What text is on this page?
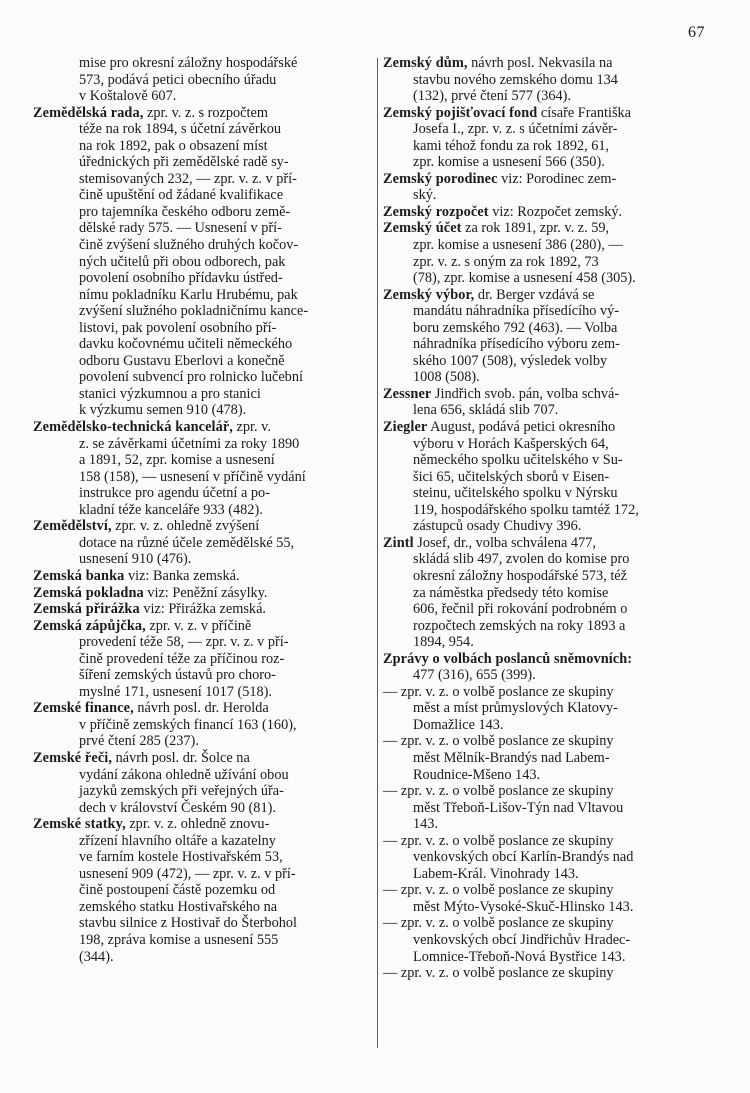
67
mise pro okresní záložny hospodářské
573, podává petici obecního úřadu
v Koštalově 607.
Zemědělská rada, zpr. v. z. s rozpočtem
téže na rok 1894, s účetní závěrkou
na rok 1892, pak o obsazení míst
úřednických při zemědělské radě sy-
stemisovaných 232, — zpr. v. z. v pří-
čině upuštění od žádané kvalifikace
pro tajemníka českého odboru země-
dělské rady 575. — Usnesení v pří-
čině zvýšení služného druhých kočov-
ných učitelů při obou odborech, pak
povolení osobního přídavku ústřed-
nímu pokladníku Karlu Hrubému, pak
zvýšení služného pokladničnímu kance-
listovi, pak povolení osobního pří-
davku kočovnému učiteli německého
odboru Gustavu Eberlovi a konečně
povolení subvencí pro rolnicko lučební
stanici výzkumnou a pro stanici
k výzkumu semen 910 (478).
Zemědělsko-technická kancelář, zpr. v.
z. se závěrkami účetními za roky 1890
a 1891, 52, zpr. komise a usnesení
158 (158), — usnesení v příčině vydání
instrukce pro agendu účetní a po-
kladní téže kanceláře 933 (482).
Zemědělství, zpr. v. z. ohledně zvýšení
dotace na různé účele zemědělské 55,
usnesení 910 (476).
Zemská banka viz: Banka zemská.
Zemská pokladna viz: Peněžní zásylky.
Zemská přirážka viz: Přirážka zemská.
Zemská zápůjčka, zpr. v. z. v příčině
provedení téže 58, — zpr. v. z. v pří-
čině provedení téže za příčinou roz-
šíření zemských ústavů pro choro-
myslné 171, usnesení 1017 (518).
Zemské finance, návrh posl. dr. Herolda
v příčině zemských financí 163 (160),
prvé čtení 285 (237).
Zemské řeči, návrh posl. dr. Šolce na
vydání zákona ohledně užívání obou
jazyků zemských při veřejných úřa-
dech v království Českém 90 (81).
Zemské statky, zpr. v. z. ohledně znovu-
zřízení hlavního oltáře a kazatelny
ve farním kostele Hostivařském 53,
usnesení 909 (472), — zpr. v. z. v pří-
čině postoupení částě pozemku od
zemského statku Hostivařského na
stavbu silnice z Hostivař do Šterbohol
198, zpráva komise a usnesení 555
(344).
Zemský dům, návrh posl. Nekvasila na
stavbu nového zemského domu 134
(132), prvé čtení 577 (364).
Zemský pojišťovací fond císaře Františka
Josefa I., zpr. v. z. s účetními závěr-
kami téhož fondu za rok 1892, 61,
zpr. komise a usnesení 566 (350).
Zemský porodinec viz: Porodinec zem-
ský.
Zemský rozpočet viz: Rozpočet zemský.
Zemský účet za rok 1891, zpr. v. z. 59,
zpr. komise a usnesení 386 (280), —
zpr. v. z. s oným za rok 1892, 73
(78), zpr. komise a usnesení 458 (305).
Zemský výbor, dr. Berger vzdává se
mandátu náhradníka přísedícího vý-
boru zemského 792 (463). — Volba
náhradníka přísedícího výboru zem-
ského 1007 (508), výsledek volby
1008 (508).
Zessner Jindřich svob. pán, volba schvá-
lena 656, skládá slib 707.
Ziegler August, podává petici okresního
výboru v Horách Kašperských 64,
německého spolku učitelského v Su-
šici 65, učitelských sborů v Eisen-
steinu, učitelského spolku v Nýrsku
119, hospodářského spolku tamtéž 172,
zástupců osady Chudivy 396.
Zintl Josef, dr., volba schválena 477,
skládá slib 497, zvolen do komise pro
okresní záložny hospodářské 573, též
za náměstka předsedy této komise
606, řečnil při rokování podrobném o
rozpočtech zemských na roky 1893 a
1894, 954.
Zprávy o volbách poslanců sněmovních:
477 (316), 655 (399).
— zpr. v. z. o volbě poslance ze skupiny
měst a míst průmyslových Klatovy-
Domažlice 143.
— zpr. v. z. o volbě poslance ze skupiny
měst Mělník-Brandýs nad Labem-
Roudnice-Mšeno 143.
— zpr. v. z. o volbě poslance ze skupiny
měst Třeboň-Lišov-Týn nad Vltavou
143.
— zpr. v. z. o volbě poslance ze skupiny
venkovských obcí Karlín-Brandýs nad
Labem-Král. Vinohrady 143.
— zpr. v. z. o volbě poslance ze skupiny
měst Mýto-Vysoké-Skuč-Hlinsko 143.
— zpr. v. z. o volbě poslance ze skupiny
venkovských obcí Jindřichův Hradec-
Lomnice-Třeboň-Nová Bystřice 143.
— zpr. v. z. o volbě poslance ze skupiny
